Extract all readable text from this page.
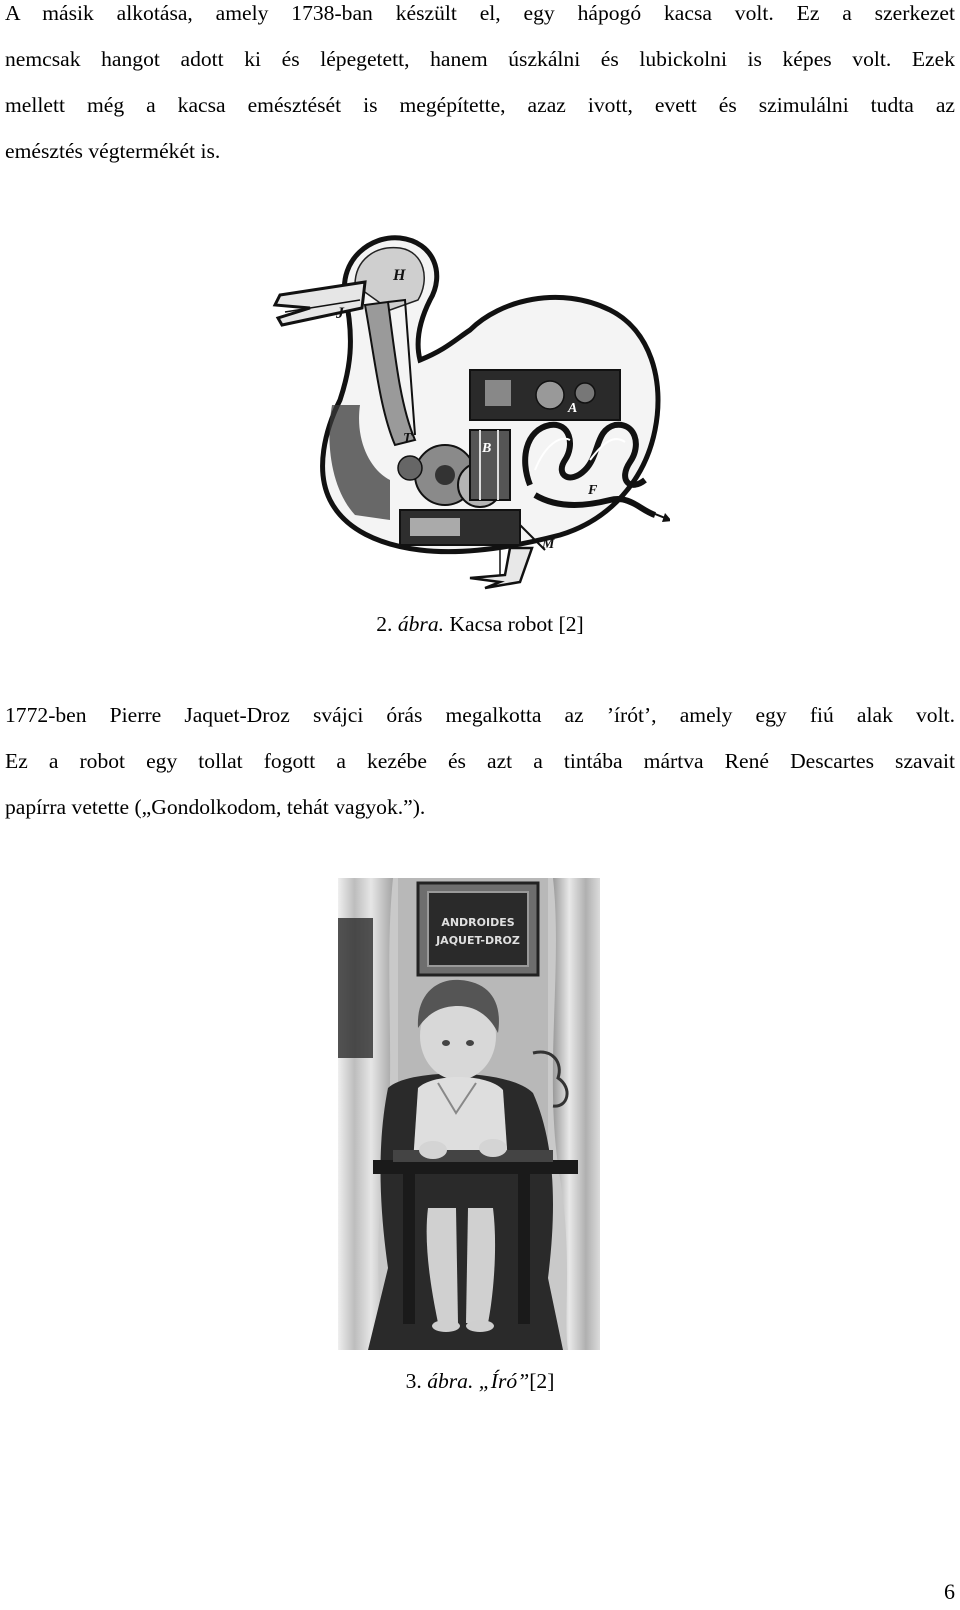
A másik alkotása, amely 1738-ban készült el, egy hápogó kacsa volt. Ez a szerkezet
nemcsak hangot adott ki és lépegetett, hanem úszkálni és lubickolni is képes volt. Ezek
mellett még a kacsa emésztését is megépítette, azaz ivott, evett és szimulálni tudta az
emésztés végtermékét is.
H
J
T
B
A
F
M
2. ábra. Kacsa robot [2]
1772-ben Pierre Jaquet-Droz svájci órás megalkotta az ’írót’, amely egy fiú alak volt.
Ez a robot egy tollat fogott a kezébe és azt a tintába mártva René Descartes szavait
papírra vetette („Gondolkodom, tehát vagyok.”).
ANDROIDES
JAQUET-DROZ
3. ábra. „Író”[2]
6
